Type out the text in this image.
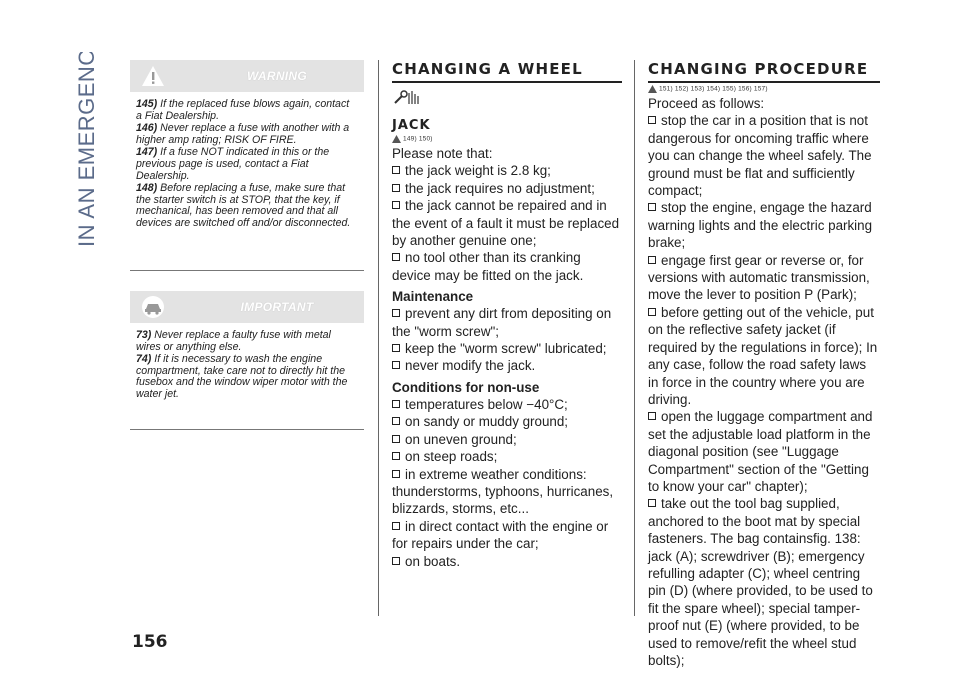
IN AN EMERGENCY	WARNING

145) If the replaced fuse blows again, contact a Fiat Dealership.

146) Never replace a fuse with another with a higher amp rating; RISK OF FIRE.

147) If a fuse NOT indicated in this or the previous page is used, contact a Fiat Dealership.

148) Before replacing a fuse, make sure that the starter switch is at STOP, that the key, if mechanical, has been removed and that all devices are switched off and/or disconnected.

IMPORTANT

73) Never replace a faulty fuse with metal wires or anything else.

74) If it is necessary to wash the engine compartment, take care not to directly hit the fusebox and the window wiper motor with the water jet.

CHANGING A WHEEL
JACK
149) 150)

Please note that:

the jack weight is 2.8 kg;

the jack requires no adjustment;

the jack cannot be repaired and in the event of a fault it must be replaced by another genuine one;

no tool other than its cranking device may be fitted on the jack.

Maintenance

prevent any dirt from depositing on the "worm screw";

keep the "worm screw" lubricated;

never modify the jack.

Conditions for non-use

temperatures below −40°C;

on sandy or muddy ground;

on uneven ground;

on steep roads;

in extreme weather conditions: thunderstorms, typhoons, hurricanes, blizzards, storms, etc...

in direct contact with the engine or for repairs under the car;

on boats.

CHANGING PROCEDURE
151) 152) 153) 154) 155) 156) 157)

Proceed as follows:

stop the car in a position that is not dangerous for oncoming traffic where you can change the wheel safely. The ground must be flat and sufficiently compact;

stop the engine, engage the hazard warning lights and the electric parking brake;

engage first gear or reverse or, for versions with automatic transmission, move the lever to position P (Park);

before getting out of the vehicle, put on the reflective safety jacket (if required by the regulations in force); In any case, follow the road safety laws in force in the country where you are driving.

open the luggage compartment and set the adjustable load platform in the diagonal position (see "Luggage Compartment" section of the "Getting to know your car" chapter);

take out the tool bag supplied, anchored to the boot mat by special fasteners. The bag containsfig. 138: jack (A); screwdriver (B); emergency refulling adapter (C); wheel centring pin (D) (where provided, to be used to fit the spare wheel); special tamper-proof nut (E) (where provided, to be used to remove/refit the wheel stud bolts);

156
